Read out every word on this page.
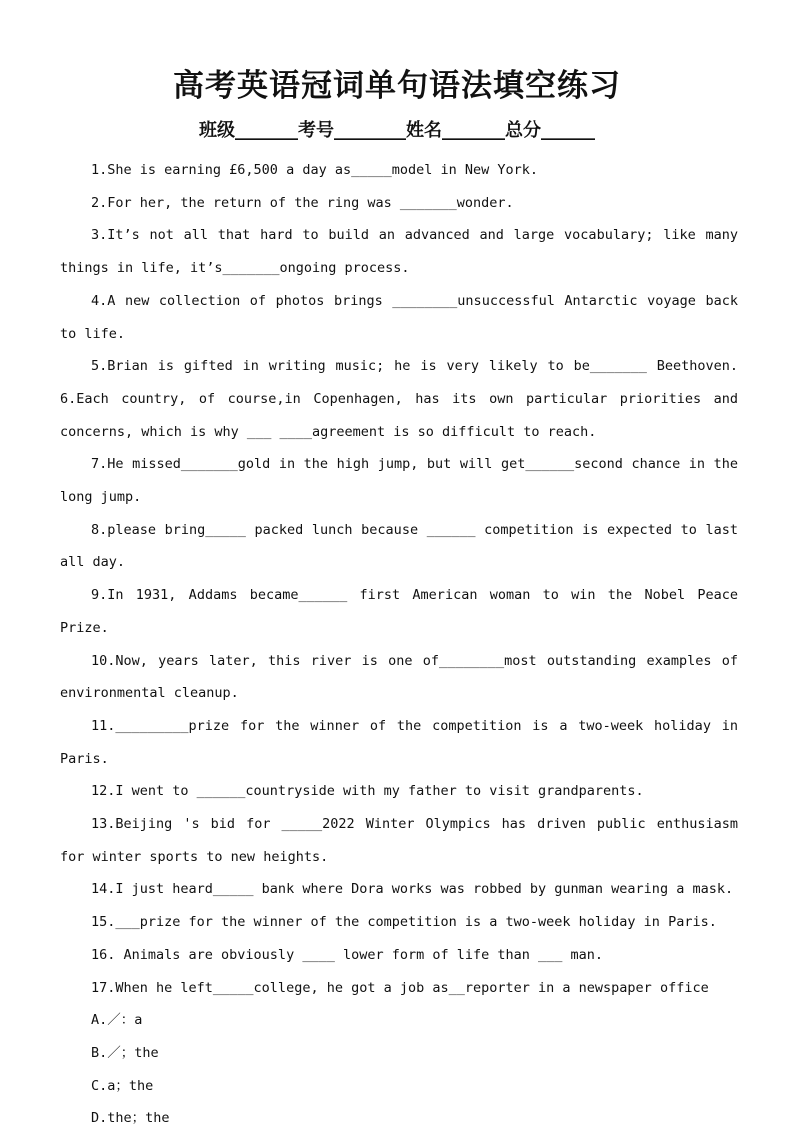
高考英语冠词单句语法填空练习
班级_______考号________姓名_______总分______

1.She is earning £6,500 a day as_____model in New York.

2.For her, the return of the ring was _______wonder.

3.It’s not all that hard to build an advanced and large vocabulary; like many things in life, it’s_______ongoing process.

4.A new collection of photos brings ________unsuccessful Antarctic voyage back to life.

5.Brian is gifted in writing music; he is very likely to be_______ Beethoven. 6.Each country, of course,in Copenhagen, has its own particular priorities and concerns, which is why ___ ____agreement is so difficult to reach.

7.He missed_______gold in the high jump, but will get______second chance in the long jump.

8.please bring_____ packed lunch because ______ competition is expected to last all day.

9.In 1931, Addams became______ first American woman to win the Nobel Peace Prize.

10.Now, years later, this river is one of________most outstanding examples of environmental cleanup.

11._________prize for the winner of the competition is a two-week holiday in Paris.

12.I went to ______countryside with my father to visit grandparents.

13.Beijing 's bid for _____2022 Winter Olympics has driven public enthusiasm for winter sports to new heights.

14.I just heard_____ bank where Dora works was robbed by gunman wearing a mask.

15.___prize for the winner of the competition is a two-week holiday in Paris.

16. Animals are obviously ____ lower form of life than ___ man.

17.When he left_____college, he got a job as__reporter in a newspaper office

A.／：a

B.／；the

C.a；the

D.the；the
